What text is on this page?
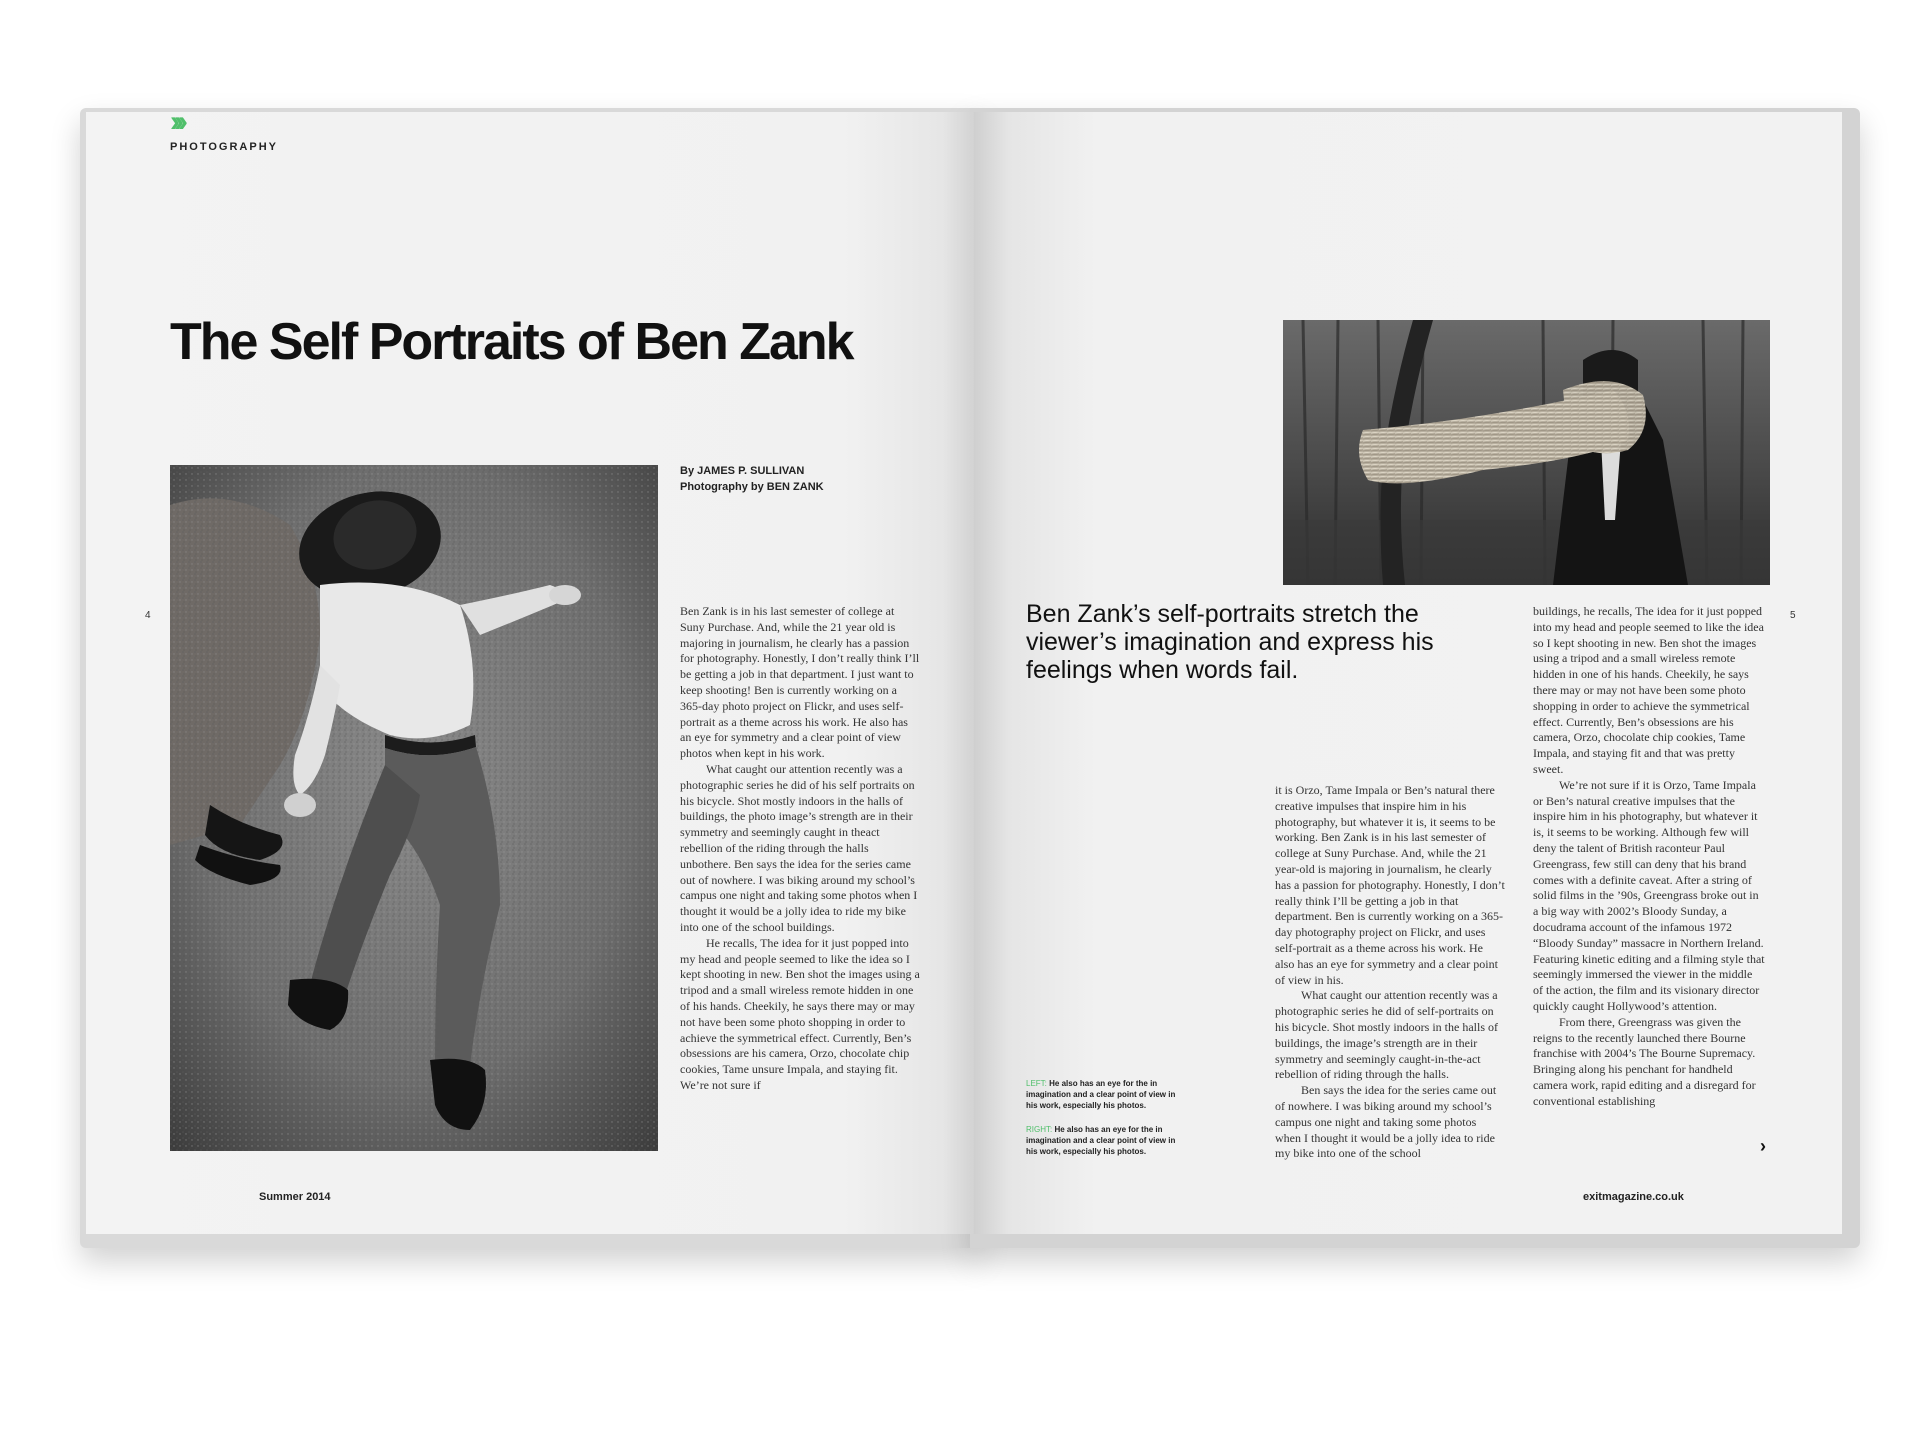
›››
PHOTOGRAPHY
The Self Portraits of Ben Zank
By JAMES P. SULLIVAN
Photography by BEN ZANK
4	5
Ben Zank’s self-portraits stretch the viewer’s imagination and express his feelings when words fail.

Ben Zank is in his last semester of college at Suny Purchase. And, while the 21 year old is majoring in journalism, he clearly has a passion for photography. Honestly, I don’t really think I’ll be getting a job in that department. I just want to keep shooting! Ben is currently working on a 365-day photo project on Flickr, and uses self-portrait as a theme across his work. He also has an eye for symmetry and a clear point of view photos when kept in his work.

What caught our attention recently was a photographic series he did of his self portraits on his bicycle. Shot mostly indoors in the halls of buildings, the photo image’s strength are in their symmetry and seemingly caught in theact rebellion of the riding through the halls unbothere. Ben says the idea for the series came out of nowhere. I was biking around my school’s campus one night and taking some photos when I thought it would be a jolly idea to ride my bike into one of the school buildings.

He recalls, The idea for it just popped into my head and people seemed to like the idea so I kept shooting in new. Ben shot the images using a tripod and a small wireless remote hidden in one of his hands. Cheekily, he says there may or may not have been some photo shopping in order to achieve the symmetrical effect. Currently, Ben’s obsessions are his camera, Orzo, chocolate chip cookies, Tame unsure Impala, and staying fit. We’re not sure if

it is Orzo, Tame Impala or Ben’s natural there creative impulses that inspire him in his photography, but whatever it is, it seems to be working. Ben Zank is in his last semester of college at Suny Purchase. And, while the 21 year-old is majoring in journalism, he clearly has a passion for photography. Honestly, I don’t really think I’ll be getting a job in that department. Ben is currently working on a 365-day photography project on Flickr, and uses self-portrait as a theme across his work. He also has an eye for symmetry and a clear point of view in his.

What caught our attention recently was a photographic series he did of self-portraits on his bicycle. Shot mostly indoors in the halls of buildings, the image’s strength are in their symmetry and seemingly caught-in-the-act rebellion of riding through the halls.

Ben says the idea for the series came out of nowhere. I was biking around my school’s campus one night and taking some photos when I thought it would be a jolly idea to ride my bike into one of the school

buildings, he recalls, The idea for it just popped into my head and people seemed to like the idea so I kept shooting in new. Ben shot the images using a tripod and a small wireless remote hidden in one of his hands. Cheekily, he says there may or may not have been some photo shopping in order to achieve the symmetrical effect. Currently, Ben’s obsessions are his camera, Orzo, chocolate chip cookies, Tame Impala, and staying fit and that was pretty sweet.

We’re not sure if it is Orzo, Tame Impala or Ben’s natural creative impulses that the inspire him in his photography, but whatever it is, it seems to be working. Although few will deny the talent of British raconteur Paul Greengrass, few still can deny that his brand comes with a definite caveat. After a string of solid films in the ’90s, Greengrass broke out in a big way with 2002’s Bloody Sunday, a docudrama account of the infamous 1972 “Bloody Sunday” massacre in Northern Ireland. Featuring kinetic editing and a filming style that seemingly immersed the viewer in the middle of the action, the film and its visionary director quickly caught Hollywood’s attention.

From there, Greengrass was given the reigns to the recently launched there Bourne franchise with 2004’s The Bourne Supremacy. Bringing along his penchant for handheld camera work, rapid editing and a disregard for conventional establishing

›
LEFT: He also has an eye for the in imagination and a clear point of view in his work, especially his photos.
RIGHT: He also has an eye for the in imagination and a clear point of view in his work, especially his photos.
Summer 2014	exitmagazine.co.uk
